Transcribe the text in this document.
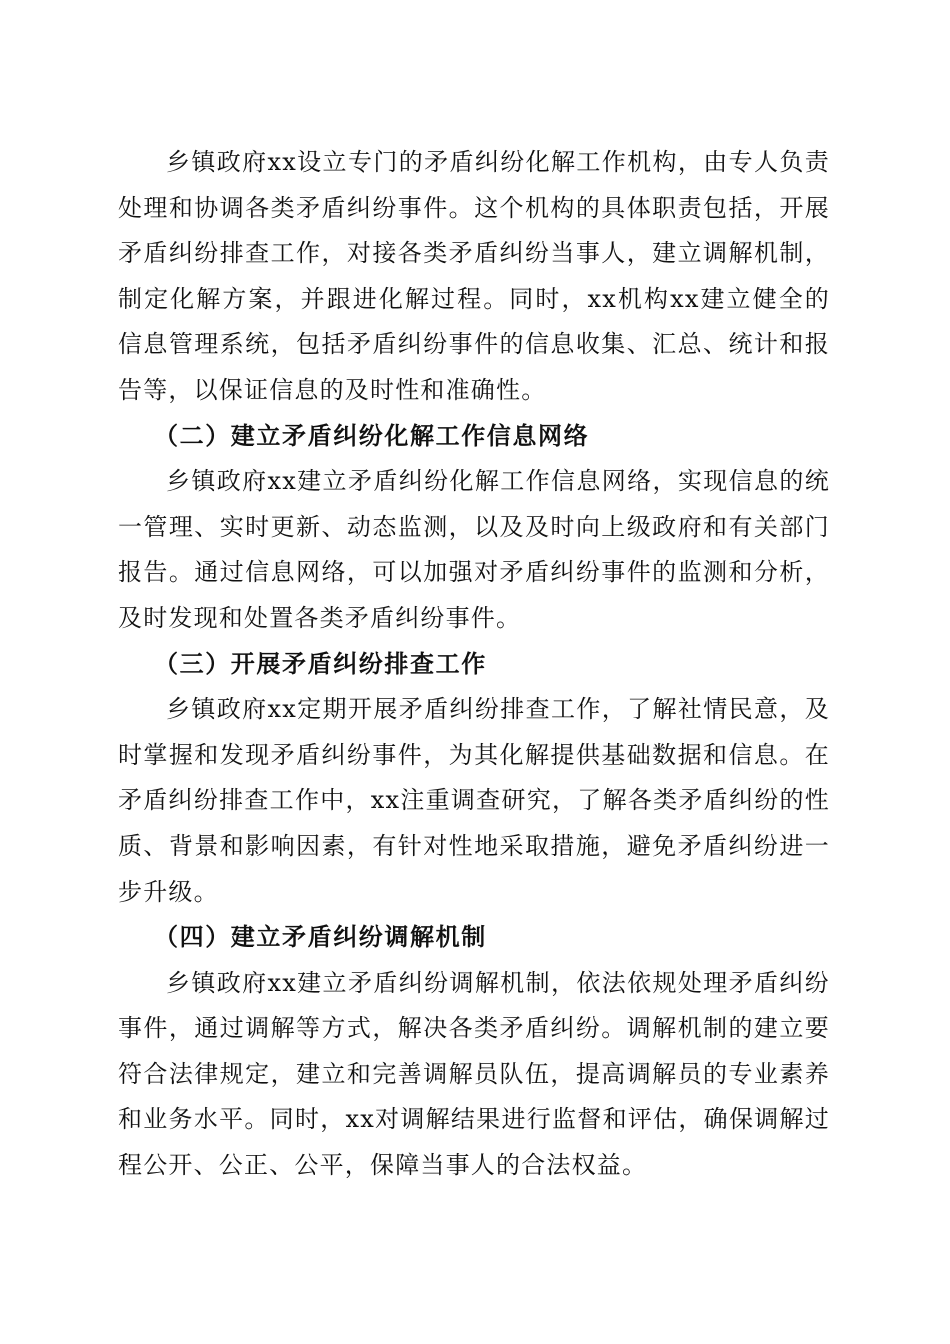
乡镇政府xx设立专门的矛盾纠纷化解工作机构，由专人负责处理和协调各类矛盾纠纷事件。这个机构的具体职责包括，开展矛盾纠纷排查工作，对接各类矛盾纠纷当事人，建立调解机制，制定化解方案，并跟进化解过程。同时，xx机构xx建立健全的信息管理系统，包括矛盾纠纷事件的信息收集、汇总、统计和报告等，以保证信息的及时性和准确性。

（二）建立矛盾纠纷化解工作信息网络

乡镇政府xx建立矛盾纠纷化解工作信息网络，实现信息的统一管理、实时更新、动态监测，以及及时向上级政府和有关部门报告。通过信息网络，可以加强对矛盾纠纷事件的监测和分析，及时发现和处置各类矛盾纠纷事件。

（三）开展矛盾纠纷排查工作

乡镇政府xx定期开展矛盾纠纷排查工作，了解社情民意，及时掌握和发现矛盾纠纷事件，为其化解提供基础数据和信息。在矛盾纠纷排查工作中，xx注重调查研究，了解各类矛盾纠纷的性质、背景和影响因素，有针对性地采取措施，避免矛盾纠纷进一步升级。

（四）建立矛盾纠纷调解机制

乡镇政府xx建立矛盾纠纷调解机制，依法依规处理矛盾纠纷事件，通过调解等方式，解决各类矛盾纠纷。调解机制的建立要符合法律规定，建立和完善调解员队伍，提高调解员的专业素养和业务水平。同时，xx对调解结果进行监督和评估，确保调解过程公开、公正、公平，保障当事人的合法权益。
